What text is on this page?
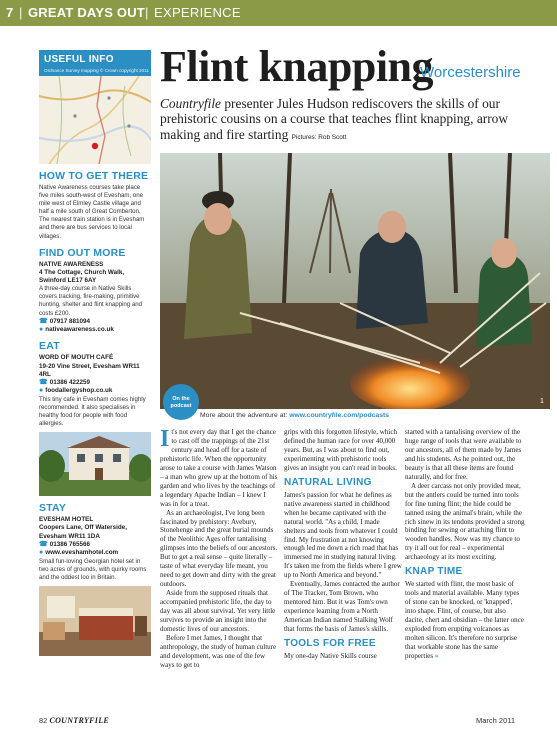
7 | GREAT DAYS OUT | EXPERIENCE
USEFUL INFO
Ordnance Survey mapping © Crown copyright 2011
HOW TO GET THERE

Native Awareness courses take place five miles south-west of Evesham, one mile west of Elmley Castle village and half a mile south of Great Comberton. The nearest train station is in Evesham and there are bus services to local villages.

FIND OUT MORE

NATIVE AWARENESS

4 The Cottage, Church Walk, Swinford LE17 6AY

A three-day course in Native Skills covers tracking, fire-making, primitive hunting, shelter and flint knapping and costs £200.

☎ 07917 881094

● nativeawareness.co.uk

EAT

WORD OF MOUTH CAFÉ

19-20 Vine Street, Evesham WR11 4RL

☎ 01386 422259

● foodallergyshop.co.uk

This tiny cafe in Evesham comes highly recommended. It also specialises in healthy food for people with food allergies.

STAY

EVESHAM HOTEL

Coopers Lane, Off Waterside, Evesham WR11 1DA

☎ 01386 765566

● www.eveshamhotel.com

Small fun-loving Georgian hotel set in two acres of grounds, with quirky rooms and the oddest loo in Britain.

Flint knapping
Worcestershire

Countryfile presenter Jules Hudson rediscovers the skills of our prehistoric cousins on a course that teaches flint knapping, arrow making and fire starting Pictures: Rob Scott

1
On the
podcast
More about the adventure at: www.countryfile.com/podcasts

It's not every day that I get the chance to cast off the trappings of the 21st century and head off for a taste of prehistoric life. When the opportunity arose to take a course with James Watson – a man who grew up at the bottom of his garden and who lives by the teachings of a legendary Apache Indian – I knew I was in for a treat.

As an archaeologist, I've long been fascinated by prehistory: Avebury, Stonehenge and the great burial mounds of the Neolithic Ages offer tantalising glimpses into the beliefs of our ancestors. But to get a real sense – quite literally – taste of what everyday life meant, you need to get down and dirty with the great outdoors.

Aside from the supposed rituals that accompanied prehistoric life, the day to day was all about survival. Yet very little survives to provide an insight into the domestic lives of our ancestors.

Before I met James, I thought that anthropology, the study of human culture and development, was one of the few ways to get to

grips with this forgotten lifestyle, which defined the human race for over 40,000 years. But, as I was about to find out, experimenting with prehistoric tools gives an insight you can't read in books.

NATURAL LIVING

James's passion for what he defines as native awareness started in childhood when he became captivated with the natural world. "As a child, I made shelters and tools from whatever I could find. My frustration at not knowing enough led me down a rich road that has immersed me in studying natural living. It's taken me from the fields where I grew up to North America and beyond."

Eventually, James contacted the author of The Tracker, Tom Brown, who mentored him. But it was Tom's own experience learning from a North American Indian named Stalking Wolf that forms the basis of James's skills.

TOOLS FOR FREE

My one-day Native Skills course

started with a tantalising overview of the huge range of tools that were available to our ancestors, all of them made by James and his students. As he pointed out, the beauty is that all these items are found naturally, and for free.

A deer carcass not only provided meat, but the antlers could be turned into tools for fine tuning flint; the hide could be tanned using the animal's brain, while the rich sinew in its tendons provided a strong binding for sewing or attaching flint to wooden handles. Now was my chance to try it all out for real – experimental archaeology at its most exciting.

KNAP TIME

We started with flint, the most basic of tools and material available. Many types of stone can be knocked, or 'knapped', into shape. Flint, of course, but also dacite, chert and obsidian – the latter once exploded from erupting volcanoes as molten silicon. It's therefore no surprise that workable stone has the same properties »

82 COUNTRYFILE	March 2011
